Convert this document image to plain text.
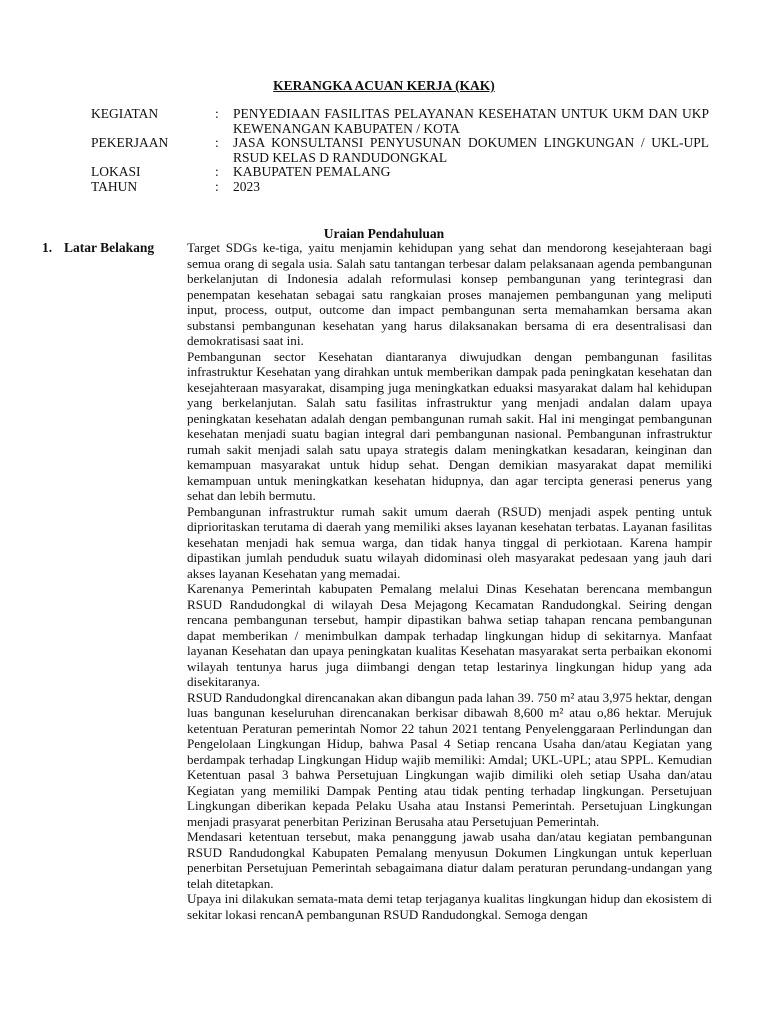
KERANGKA ACUAN KERJA (KAK)
KEGIATAN	:	PENYEDIAAN FASILITAS PELAYANAN KESEHATAN UNTUK UKM DAN UKP KEWENANGAN KABUPATEN / KOTA
PEKERJAAN	:	JASA KONSULTANSI PENYUSUNAN DOKUMEN LINGKUNGAN / UKL-UPL RSUD KELAS D RANDUDONGKAL
LOKASI	:	KABUPATEN PEMALANG
TAHUN	:	2023
Uraian Pendahuluan
1. Latar Belakang	Target SDGs ke-tiga, yaitu menjamin kehidupan yang sehat dan mendorong kesejahteraan bagi semua orang di segala usia. Salah satu tantangan terbesar dalam pelaksanaan agenda pembangunan berkelanjutan di Indonesia adalah reformulasi konsep pembangunan yang terintegrasi dan penempatan kesehatan sebagai satu rangkaian proses manajemen pembangunan yang meliputi input, process, output, outcome dan impact pembangunan serta memahamkan bersama akan substansi pembangunan kesehatan yang harus dilaksanakan bersama di era desentralisasi dan demokratisasi saat ini.

Pembangunan sector Kesehatan diantaranya diwujudkan dengan pembangunan fasilitas infrastruktur Kesehatan yang dirahkan untuk memberikan dampak pada peningkatan kesehatan dan kesejahteraan masyarakat, disamping juga meningkatkan eduaksi masyarakat dalam hal kehidupan yang berkelanjutan. Salah satu fasilitas infrastruktur yang menjadi andalan dalam upaya peningkatan kesehatan adalah dengan pembangunan rumah sakit. Hal ini mengingat pembangunan kesehatan menjadi suatu bagian integral dari pembangunan nasional. Pembangunan infrastruktur rumah sakit menjadi salah satu upaya strategis dalam meningkatkan kesadaran, keinginan dan kemampuan masyarakat untuk hidup sehat. Dengan demikian masyarakat dapat memiliki kemampuan untuk meningkatkan kesehatan hidupnya, dan agar tercipta generasi penerus yang sehat dan lebih bermutu.

Pembangunan infrastruktur rumah sakit umum daerah (RSUD) menjadi aspek penting untuk diprioritaskan terutama di daerah yang memiliki akses layanan kesehatan terbatas. Layanan fasilitas kesehatan menjadi hak semua warga, dan tidak hanya tinggal di perkiotaan. Karena hampir dipastikan jumlah penduduk suatu wilayah didominasi oleh masyarakat pedesaan yang jauh dari akses layanan Kesehatan yang memadai.

Karenanya Pemerintah kabupaten Pemalang melalui Dinas Kesehatan berencana membangun RSUD Randudongkal di wilayah Desa Mejagong Kecamatan Randudongkal. Seiring dengan rencana pembangunan tersebut, hampir dipastikan bahwa setiap tahapan rencana pembangunan dapat memberikan / menimbulkan dampak terhadap lingkungan hidup di sekitarnya. Manfaat layanan Kesehatan dan upaya peningkatan kualitas Kesehatan masyarakat serta perbaikan ekonomi wilayah tentunya harus juga diimbangi dengan tetap lestarinya lingkungan hidup yang ada disekitaranya.

RSUD Randudongkal direncanakan akan dibangun pada lahan 39. 750 m² atau 3,975 hektar, dengan luas bangunan keseluruhan direncanakan berkisar dibawah 8,600 m² atau o,86 hektar. Merujuk ketentuan Peraturan pemerintah Nomor 22 tahun 2021 tentang Penyelenggaraan Perlindungan dan Pengelolaan Lingkungan Hidup, bahwa Pasal 4 Setiap rencana Usaha dan/atau Kegiatan yang berdampak terhadap Lingkungan Hidup wajib memiliki: Amdal; UKL-UPL; atau SPPL. Kemudian Ketentuan pasal 3 bahwa Persetujuan Lingkungan wajib dimiliki oleh setiap Usaha dan/atau Kegiatan yang memiliki Dampak Penting atau tidak penting terhadap lingkungan. Persetujuan Lingkungan diberikan kepada Pelaku Usaha atau Instansi Pemerintah. Persetujuan Lingkungan menjadi prasyarat penerbitan Perizinan Berusaha atau Persetujuan Pemerintah.

Mendasari ketentuan tersebut, maka penanggung jawab usaha dan/atau kegiatan pembangunan RSUD Randudongkal Kabupaten Pemalang menyusun Dokumen Lingkungan untuk keperluan penerbitan Persetujuan Pemerintah sebagaimana diatur dalam peraturan perundang-undangan yang telah ditetapkan.

Upaya ini dilakukan semata-mata demi tetap terjaganya kualitas lingkungan hidup dan ekosistem di sekitar lokasi rencanA pembangunan RSUD Randudongkal. Semoga dengan
